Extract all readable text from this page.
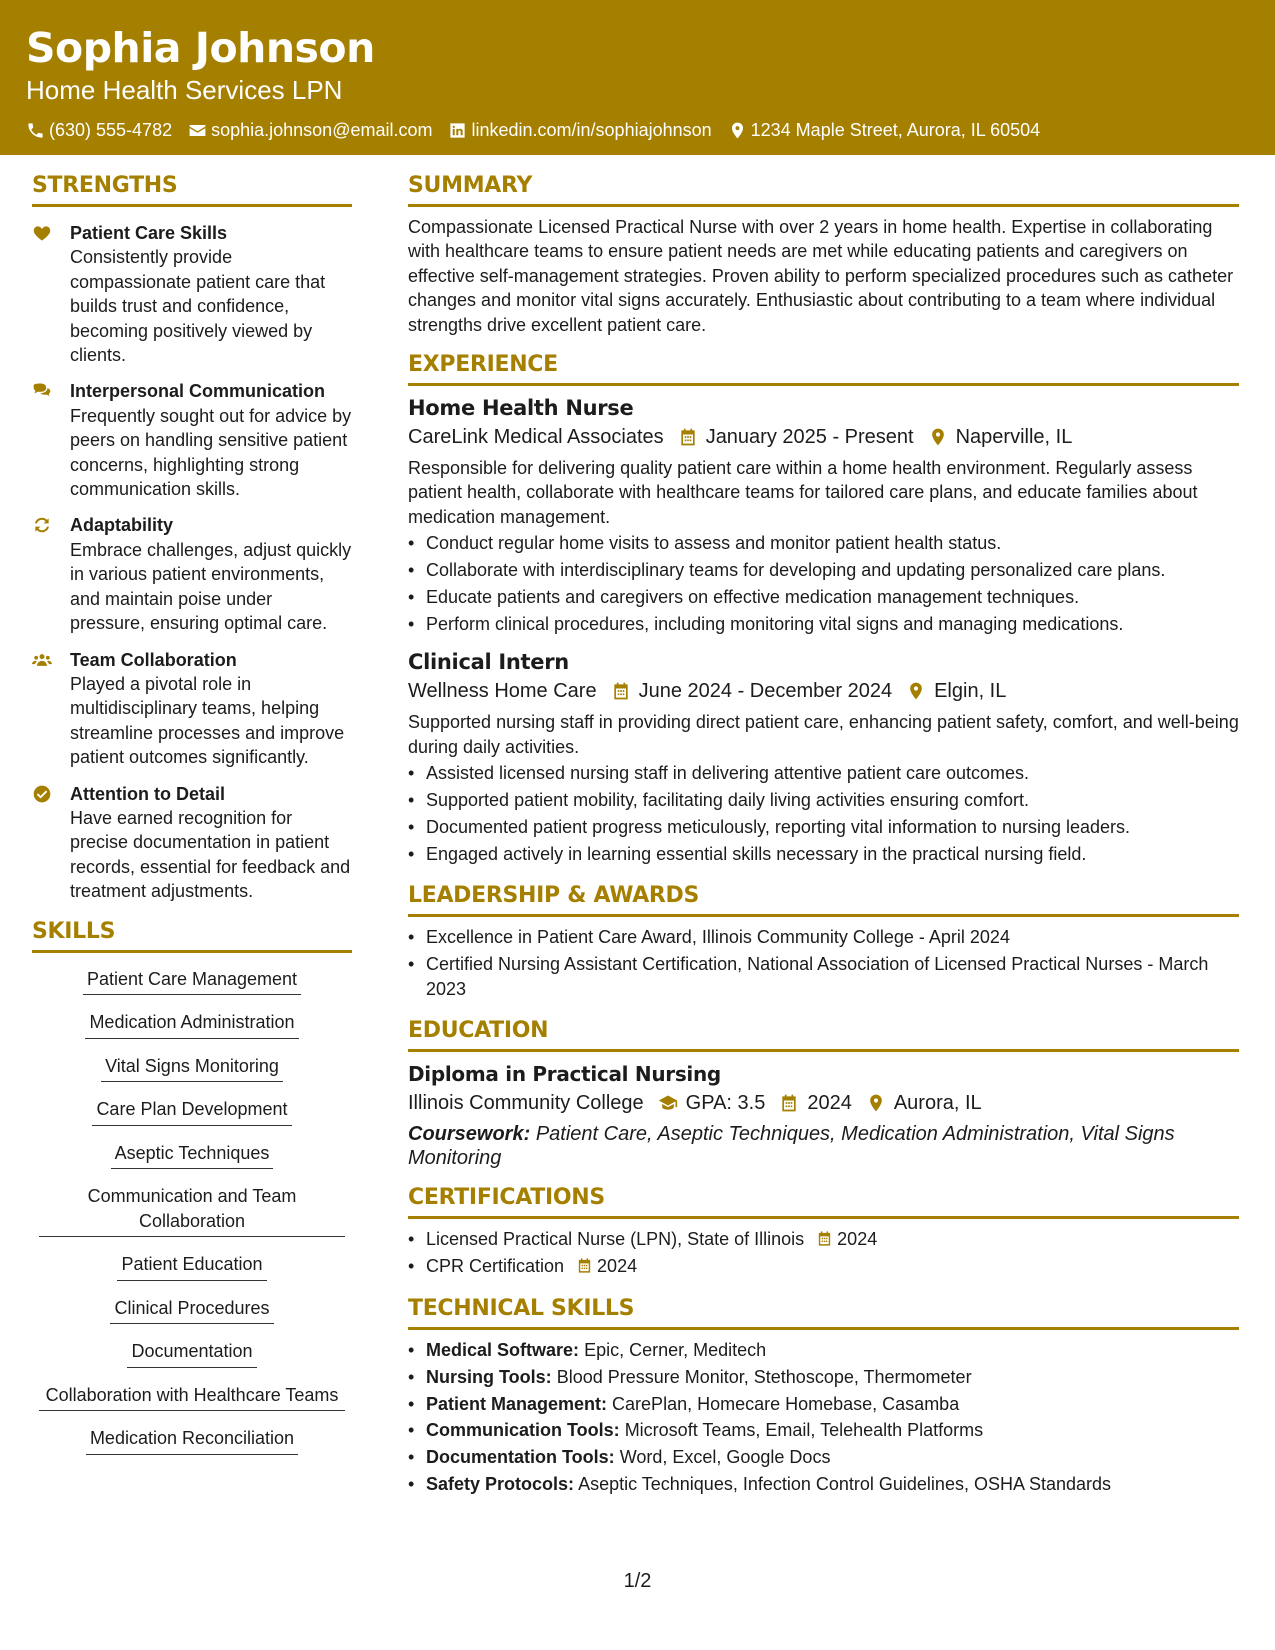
Sophia Johnson
Home Health Services LPN
(630) 555-4782 sophia.johnson@email.com linkedin.com/in/sophiajohnson 1234 Maple Street, Aurora, IL 60504
STRENGTHS
Patient Care Skills
Consistently provide compassionate patient care that builds trust and confidence, becoming positively viewed by clients.
Interpersonal Communication
Frequently sought out for advice by peers on handling sensitive patient concerns, highlighting strong communication skills.
Adaptability
Embrace challenges, adjust quickly in various patient environments, and maintain poise under pressure, ensuring optimal care.
Team Collaboration
Played a pivotal role in multidisciplinary teams, helping streamline processes and improve patient outcomes significantly.
Attention to Detail
Have earned recognition for precise documentation in patient records, essential for feedback and treatment adjustments.
SKILLS
Patient Care Management
Medication Administration
Vital Signs Monitoring
Care Plan Development
Aseptic Techniques
Communication and Team Collaboration
Patient Education
Clinical Procedures
Documentation
Collaboration with Healthcare Teams
Medication Reconciliation
SUMMARY
Compassionate Licensed Practical Nurse with over 2 years in home health. Expertise in collaborating with healthcare teams to ensure patient needs are met while educating patients and caregivers on effective self-management strategies. Proven ability to perform specialized procedures such as catheter changes and monitor vital signs accurately. Enthusiastic about contributing to a team where individual strengths drive excellent patient care.
EXPERIENCE
Home Health Nurse
CareLink Medical Associates January 2025 - Present Naperville, IL
Responsible for delivering quality patient care within a home health environment. Regularly assess patient health, collaborate with healthcare teams for tailored care plans, and educate families about medication management.
• Conduct regular home visits to assess and monitor patient health status.
• Collaborate with interdisciplinary teams for developing and updating personalized care plans.
• Educate patients and caregivers on effective medication management techniques.
• Perform clinical procedures, including monitoring vital signs and managing medications.
Clinical Intern
Wellness Home Care June 2024 - December 2024 Elgin, IL
Supported nursing staff in providing direct patient care, enhancing patient safety, comfort, and well-being during daily activities.
• Assisted licensed nursing staff in delivering attentive patient care outcomes.
• Supported patient mobility, facilitating daily living activities ensuring comfort.
• Documented patient progress meticulously, reporting vital information to nursing leaders.
• Engaged actively in learning essential skills necessary in the practical nursing field.
LEADERSHIP & AWARDS
• Excellence in Patient Care Award, Illinois Community College - April 2024
• Certified Nursing Assistant Certification, National Association of Licensed Practical Nurses - March 2023
EDUCATION
Diploma in Practical Nursing
Illinois Community College GPA: 3.5 2024 Aurora, IL
Coursework: Patient Care, Aseptic Techniques, Medication Administration, Vital Signs Monitoring
CERTIFICATIONS
• Licensed Practical Nurse (LPN), State of Illinois 2024
• CPR Certification 2024
TECHNICAL SKILLS
• Medical Software: Epic, Cerner, Meditech
• Nursing Tools: Blood Pressure Monitor, Stethoscope, Thermometer
• Patient Management: CarePlan, Homecare Homebase, Casamba
• Communication Tools: Microsoft Teams, Email, Telehealth Platforms
• Documentation Tools: Word, Excel, Google Docs
• Safety Protocols: Aseptic Techniques, Infection Control Guidelines, OSHA Standards
1/2
